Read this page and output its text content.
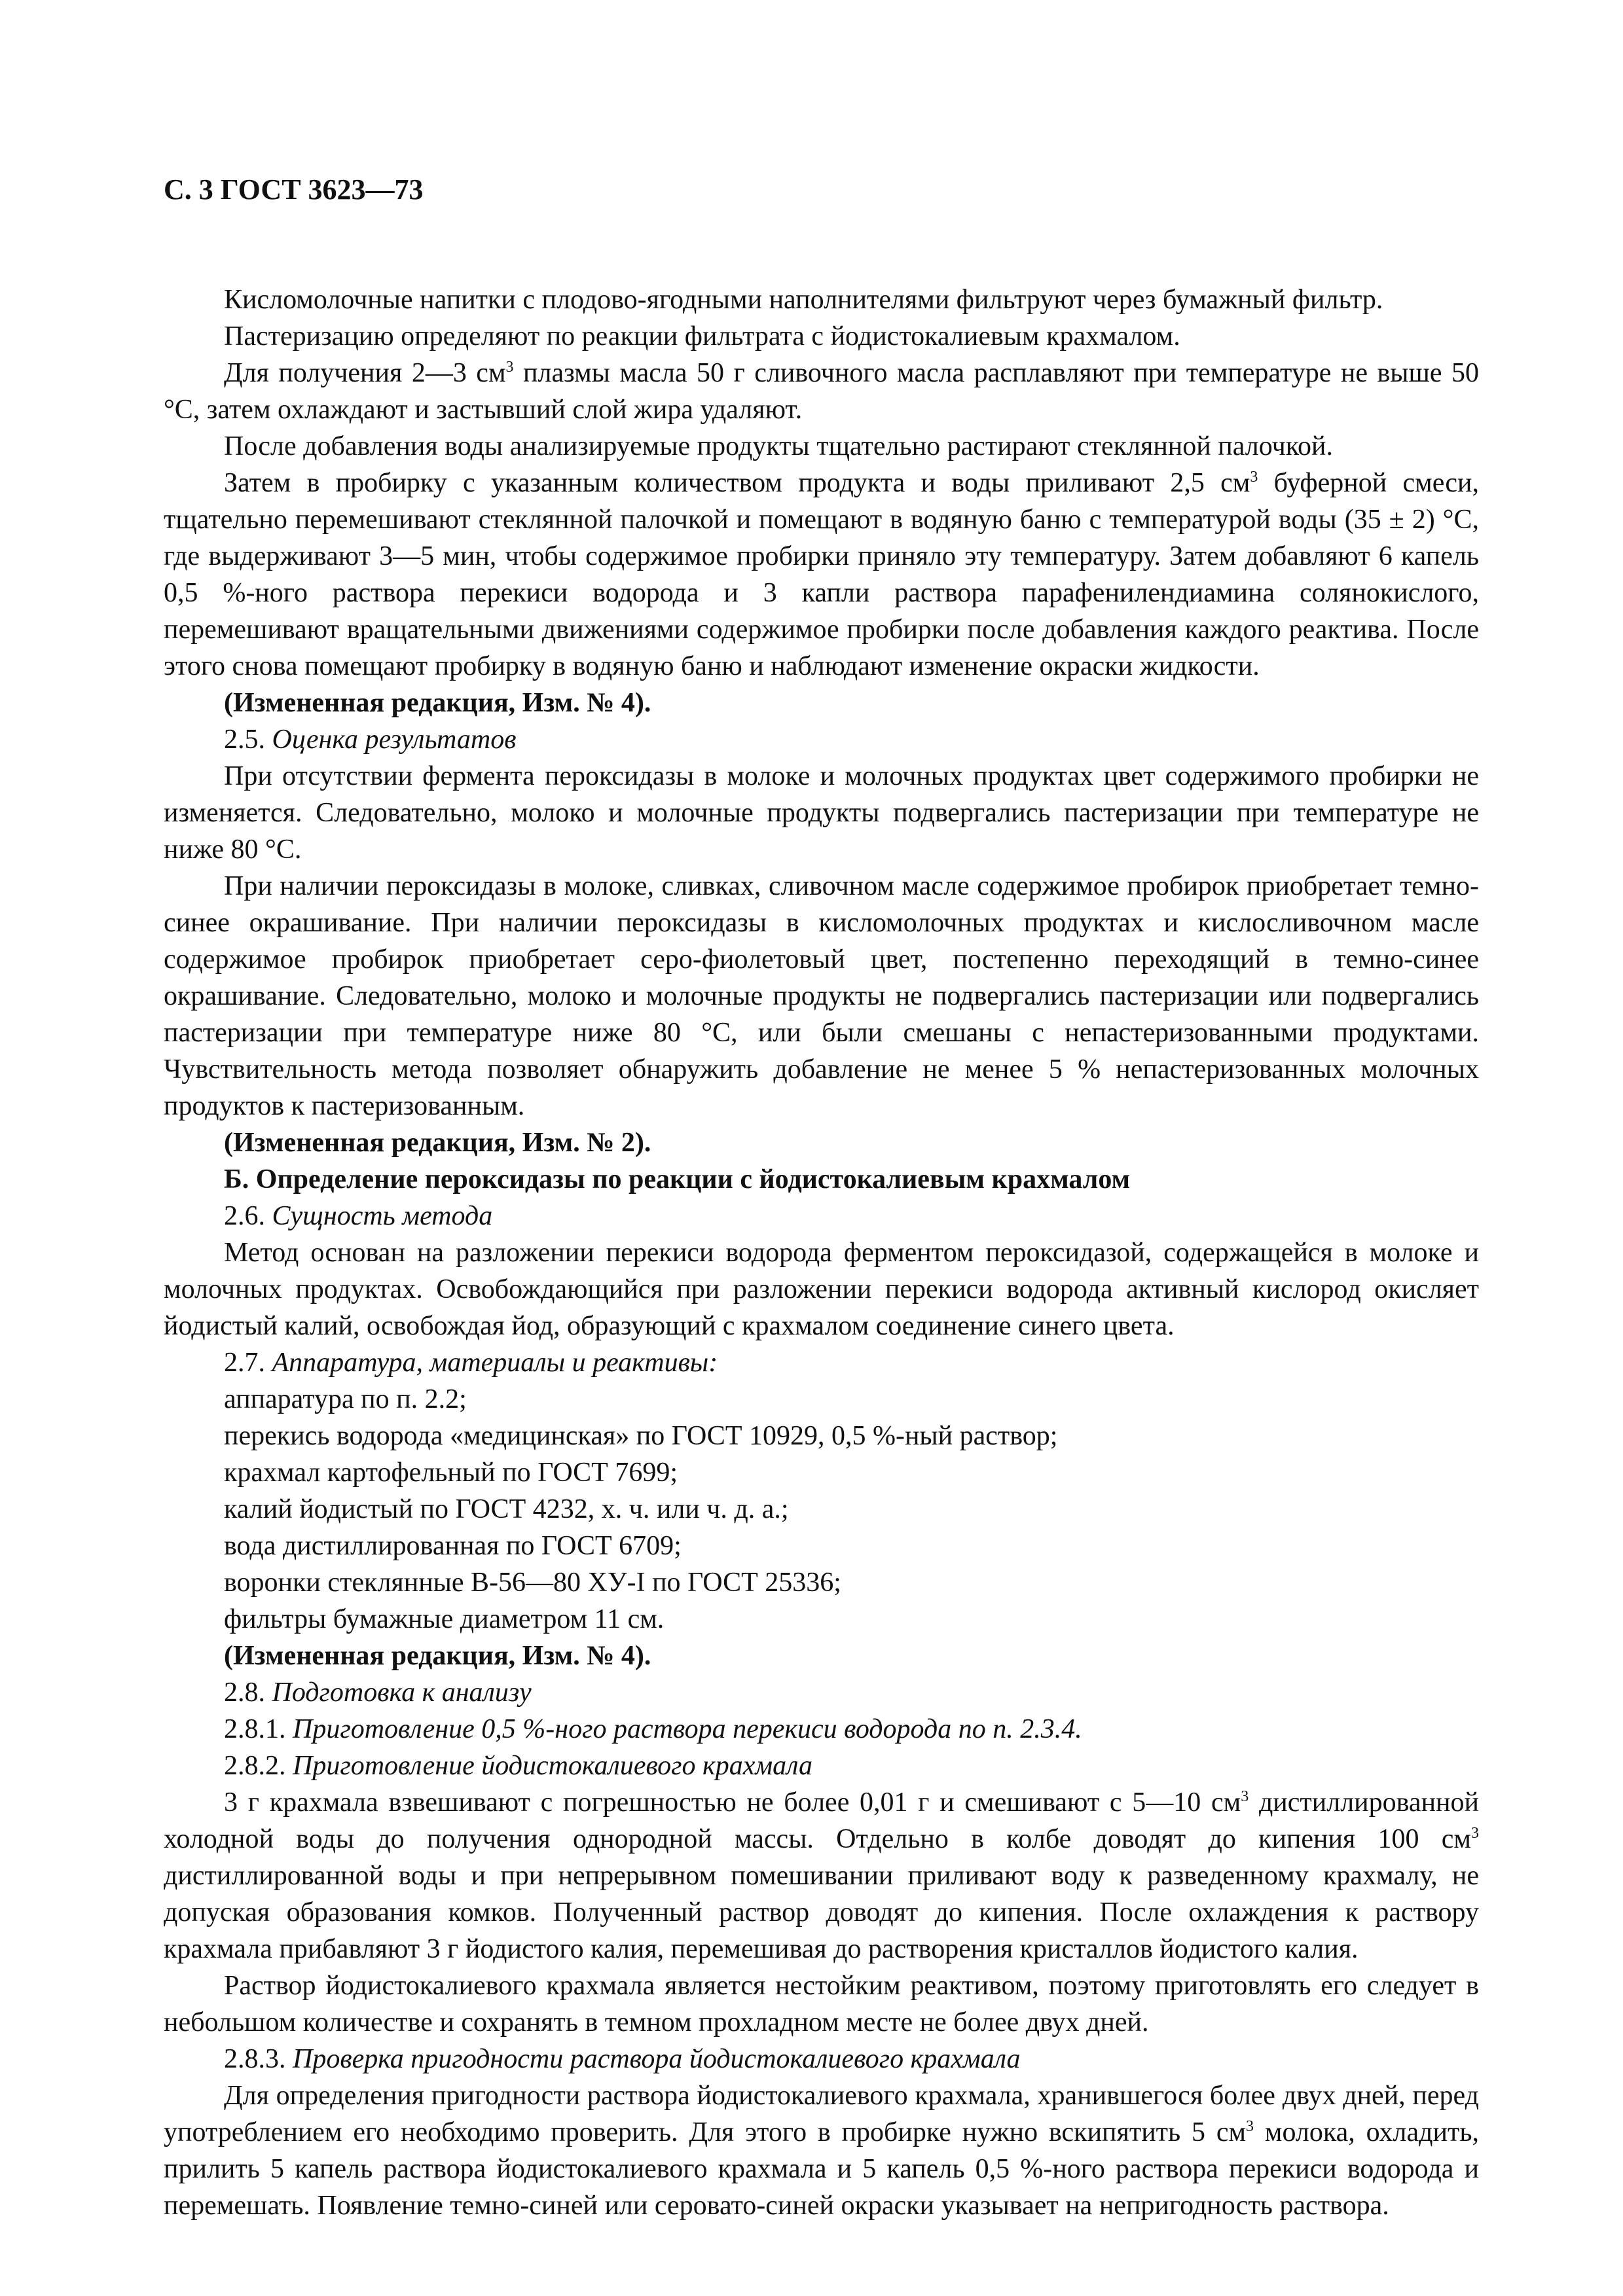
С. 3 ГОСТ 3623—73

Кисломолочные напитки с плодово-ягодными наполнителями фильтруют через бумажный фильтр.

Пастеризацию определяют по реакции фильтрата с йодистокалиевым крахмалом.

Для получения 2—3 $см^3$ плазмы масла 50 г сливочного масла расплавляют при температуре не выше 50 °С, затем охлаждают и застывший слой жира удаляют.

После добавления воды анализируемые продукты тщательно растирают стеклянной палочкой.

Затем в пробирку с указанным количеством продукта и воды приливают 2,5 $см^3$ буферной смеси, тщательно перемешивают стеклянной палочкой и помещают в водяную баню с температурой воды (35 ± 2) °С, где выдерживают 3—5 мин, чтобы содержимое пробирки приняло эту температуру. Затем добавляют 6 капель 0,5 %-ного раствора перекиси водорода и 3 капли раствора парафенилендиамина солянокислого, перемешивают вращательными движениями содержимое пробирки после добавления каждого реактива. После этого снова помещают пробирку в водяную баню и наблюдают изменение окраски жидкости.

(Измененная редакция, Изм. № 4).

2.5. Оценка результатов

При отсутствии фермента пероксидазы в молоке и молочных продуктах цвет содержимого пробирки не изменяется. Следовательно, молоко и молочные продукты подвергались пастеризации при температуре не ниже 80 °С.

При наличии пероксидазы в молоке, сливках, сливочном масле содержимое пробирок приобретает темно-синее окрашивание. При наличии пероксидазы в кисломолочных продуктах и кислосливочном масле содержимое пробирок приобретает серо-фиолетовый цвет, постепенно переходящий в темно-синее окрашивание. Следовательно, молоко и молочные продукты не подвергались пастеризации или подвергались пастеризации при температуре ниже 80 °С, или были смешаны с непастеризованными продуктами. Чувствительность метода позволяет обнаружить добавление не менее 5 % непастеризованных молочных продуктов к пастеризованным.

(Измененная редакция, Изм. № 2).

Б. Определение пероксидазы по реакции с йодистокалиевым крахмалом

2.6. Сущность метода

Метод основан на разложении перекиси водорода ферментом пероксидазой, содержащейся в молоке и молочных продуктах. Освобождающийся при разложении перекиси водорода активный кислород окисляет йодистый калий, освобождая йод, образующий с крахмалом соединение синего цвета.

2.7. Аппаратура, материалы и реактивы:

аппаратура по п. 2.2;

перекись водорода «медицинская» по ГОСТ 10929, 0,5 %-ный раствор;

крахмал картофельный по ГОСТ 7699;

калий йодистый по ГОСТ 4232, х. ч. или ч. д. а.;

вода дистиллированная по ГОСТ 6709;

воронки стеклянные В-56—80 ХУ-I по ГОСТ 25336;

фильтры бумажные диаметром 11 см.

(Измененная редакция, Изм. № 4).

2.8. Подготовка к анализу

2.8.1. Приготовление 0,5 %-ного раствора перекиси водорода по п. 2.3.4.

2.8.2. Приготовление йодистокалиевого крахмала

3 г крахмала взвешивают с погрешностью не более 0,01 г и смешивают с 5—10 $см^3$ дистиллированной холодной воды до получения однородной массы. Отдельно в колбе доводят до кипения 100 $см^3$ дистиллированной воды и при непрерывном помешивании приливают воду к разведенному крахмалу, не допуская образования комков. Полученный раствор доводят до кипения. После охлаждения к раствору крахмала прибавляют 3 г йодистого калия, перемешивая до растворения кристаллов йодистого калия.

Раствор йодистокалиевого крахмала является нестойким реактивом, поэтому приготовлять его следует в небольшом количестве и сохранять в темном прохладном месте не более двух дней.

2.8.3. Проверка пригодности раствора йодистокалиевого крахмала

Для определения пригодности раствора йодистокалиевого крахмала, хранившегося более двух дней, перед употреблением его необходимо проверить. Для этого в пробирке нужно вскипятить 5 $см^3$ молока, охладить, прилить 5 капель раствора йодистокалиевого крахмала и 5 капель 0,5 %-ного раствора перекиси водорода и перемешать. Появление темно-синей или серовато-синей окраски указывает на непригодность раствора.
